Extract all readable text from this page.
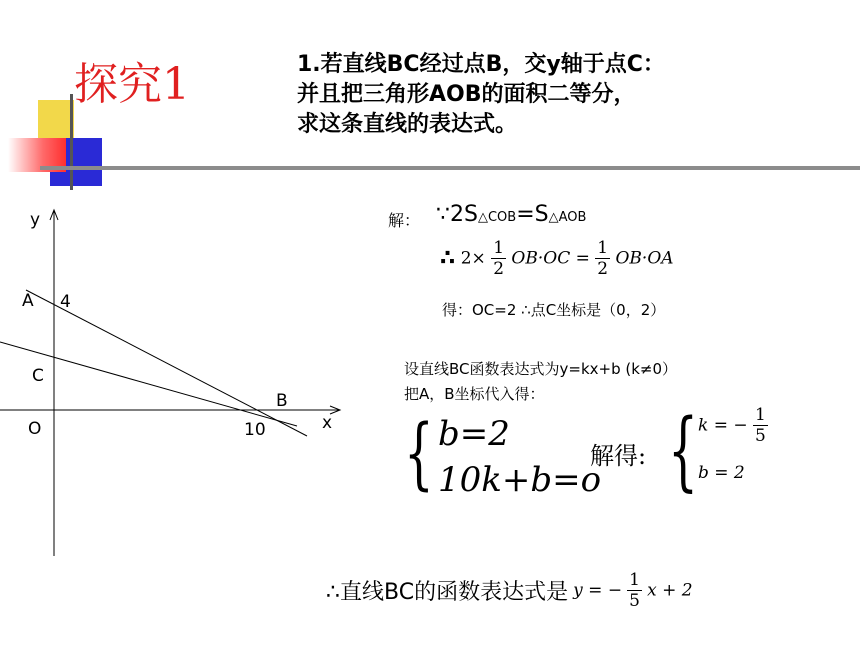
探究1	1.若直线BC经过点B，交y轴于点C：
并且把三角形AOB的面积二等分，
求这条直线的表达式。
y
x
A 4
C
B
O	10
解： ∵2S△COB=S△AOB
∴ $2\times \frac{1}{2} OB\cdot OC = \frac{1}{2} OB\cdot OA$
得：OC=2 ∴点C坐标是（0，2）
设直线BC函数表达式为y=kx+b (k≠0）
把A，B坐标代入得：
{ b=2
10k+b=o
解得: { k = − $\frac{1}{5}$
b = 2
∴直线BC的函数表达式是 y = − $\frac{1}{5}$ x + 2
